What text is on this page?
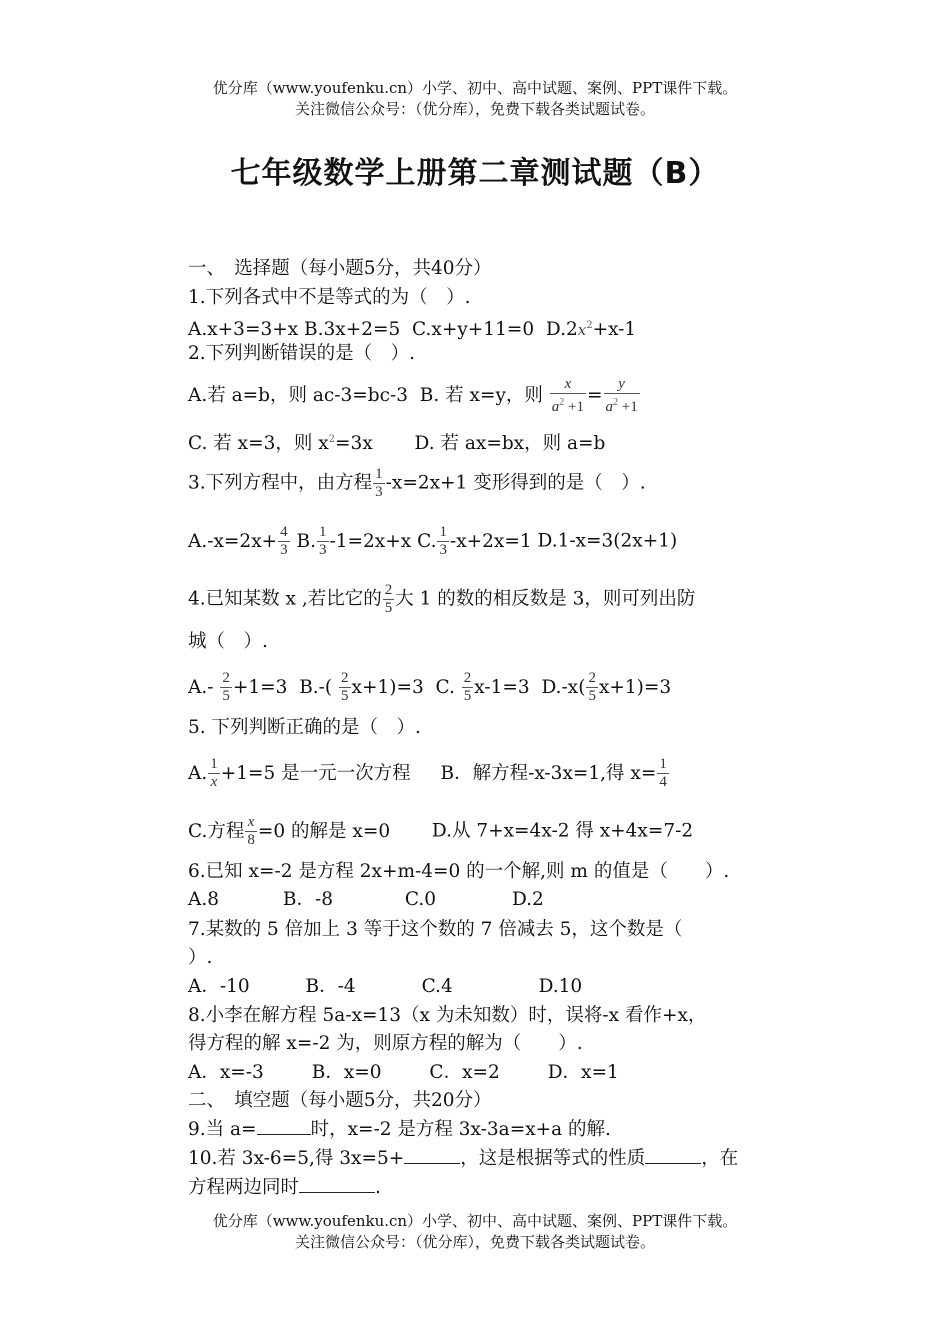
优分库（www.youfenku.cn）小学、初中、高中试题、案例、PPT课件下载。
关注微信公众号：（优分库），免费下载各类试题试卷。
七年级数学上册第二章测试题（B）
一、　选择题（每小题5分，共40分）
1.下列各式中不是等式的为（　）.
A.x+3=3+x B.3x+2=5 C.x+y+11=0 $D.2x^2+x-1$
2.下列判断错误的是（　）.
A.若 a=b，则 ac-3=bc-3 B. 若 x=y，则 $\frac{x}{a^2 +1} = \frac{y}{a^2 +1}$
C. 若 x=3，则 $x^2=3x$ D. 若 ax=bx，则 a=b
3.下列方程中，由方程 $\frac{1}{3} -x=2x+1$ 变形得到的是（　）.
$A.-x=2x+ \frac{4}{3} B$. $\frac{1}{3} -1=2x+x$ C. $\frac{1}{3} -x+2x=1$ D.1-x=3(2x+1)
4.已知某数 x ,若比它的 $\frac{2}{5}$ 大 1 的数的相反数是 3，则可列出防
城（　）.
$A.- \frac{2}{5} +1=3$ $B.-( \frac{2}{5} x+1)=3$ C. $\frac{2}{5} x-1=3$ $D.-x( \frac{2}{5} x+1)=3$
5. 下列判断正确的是（　）.
A. $\frac{1}{x} +1=5$ 是一元一次方程 B．解方程-x-3x=1,得 $x= \frac{1}{4}$
C.方程 $\frac{x}{8} =0$ 的解是 x=0 D.从 7+x=4x-2 得 x+4x=7-2
6.已知 x=-2 是方程 2x+m-4=0 的一个解,则 m 的值是（　　）.
A.8	B．-8	C.0	D.2
7.某数的 5 倍加上 3 等于这个数的 7 倍减去 5，这个数是（
）.
A．-10	B．-4	C.4	D.10
8.小李在解方程 5a-x=13（x 为未知数）时，误将-x 看作+x，
得方程的解 x=-2 为，则原方程的解为（　　）.
A．x=-3	B．x=0	C．x=2	D．x=1
二、　填空题（每小题5分，共20分）
9.当 a=	时，x=-2 是方程 3x-3a=x+a 的解.
10.若 3x-6=5,得 3x=5+	，这是根据等式的性质	，在
方程两边同时	.
优分库（www.youfenku.cn）小学、初中、高中试题、案例、PPT课件下载。
关注微信公众号：（优分库），免费下载各类试题试卷。
